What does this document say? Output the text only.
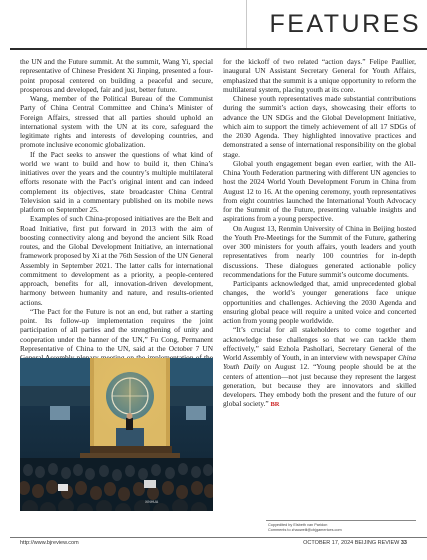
FEATURES

the UN and the Future summit. At the summit, Wang Yi, special representative of Chinese President Xi Jinping, presented a four-point proposal centered on building a peaceful and secure, prosperous and developed, fair and just, better future.

Wang, member of the Political Bureau of the Communist Party of China Central Committee and China’s Minister of Foreign Affairs, stressed that all parties should uphold an international system with the UN at its core, safeguard the legitimate rights and interests of developing countries, and promote inclusive economic globalization.

If the Pact seeks to answer the questions of what kind of world we want to build and how to build it, then China’s initiatives over the years and the country’s multiple multilateral efforts resonate with the Pact’s original intent and can indeed complement its objectives, state broadcaster China Central Television said in a commentary published on its mobile news platform on September 25.

Examples of such China-proposed initiatives are the Belt and Road Initiative, first put forward in 2013 with the aim of boosting connectivity along and beyond the ancient Silk Road routes, and the Global Development Initiative, an international framework proposed by Xi at the 76th Session of the UN General Assembly in September 2021. The latter calls for international commitment to development as a priority, a people-centered approach, benefits for all, innovation-driven development, harmony between humanity and nature, and results-oriented actions.

“The Pact for the Future is not an end, but rather a starting point. Its follow-up implementation requires the joint participation of all parties and the strengthening of unity and cooperation under the banner of the UN,” Fu Cong, Permanent Representative of China to the UN, said at the October 7 UN

XINHUA

for the kickoff of two related “action days.” Felipe Paullier, inaugural UN Assistant Secretary General for Youth Affairs, emphasized that the summit is a unique opportunity to reform the multilateral system, placing youth at its core.

Chinese youth representatives made substantial contributions during the summit’s action days, showcasing their efforts to advance the UN SDGs and the Global Development Initiative, which aim to support the timely achievement of all 17 SDGs of the 2030 Agenda. They highlighted innovative practices and demonstrated a sense of international responsibility on the global stage.

Global youth engagement began even earlier, with the All-China Youth Federation partnering with different UN agencies to host the 2024 World Youth Development Forum in China from August 12 to 16. At the opening ceremony, youth representatives from eight countries launched the International Youth Advocacy for the Summit of the Future, presenting valuable insights and aspirations from a young perspective.

On August 13, Renmin University of China in Beijing hosted the Youth Pre-Meetings for the Summit of the Future, gathering over 300 ministers for youth affairs, youth leaders and youth representatives from nearly 100 countries for in-depth discussions. These dialogues generated actionable policy recommendations for the Future summit’s outcome documents.

Participants acknowledged that, amid unprecedented global changes, the world’s younger generations face unique opportunities and challenges. Achieving the 2030 Agenda and ensuring global peace will require a united voice and concerted action from young people worldwide.

“It’s crucial for all stakeholders to come together and acknowledge these challenges so that we can tackle them effectively,” said Ezhola Pashollari, Secretary General of the World Assembly of Youth, in an interview with newspaper China Youth Daily on August 12. “Young people should be at the centers of attention—not just because they represent the largest generation, but because they are innovators and skilled developers. They embody both the present and the future of our global society.” BR

Copyedited by Elsbeth van Paridon
Comments to zhaoweili@cbjgamerices.com
http://www.bjreview.com	OCTOBER 17, 2024 BEIJING REVIEW 33
